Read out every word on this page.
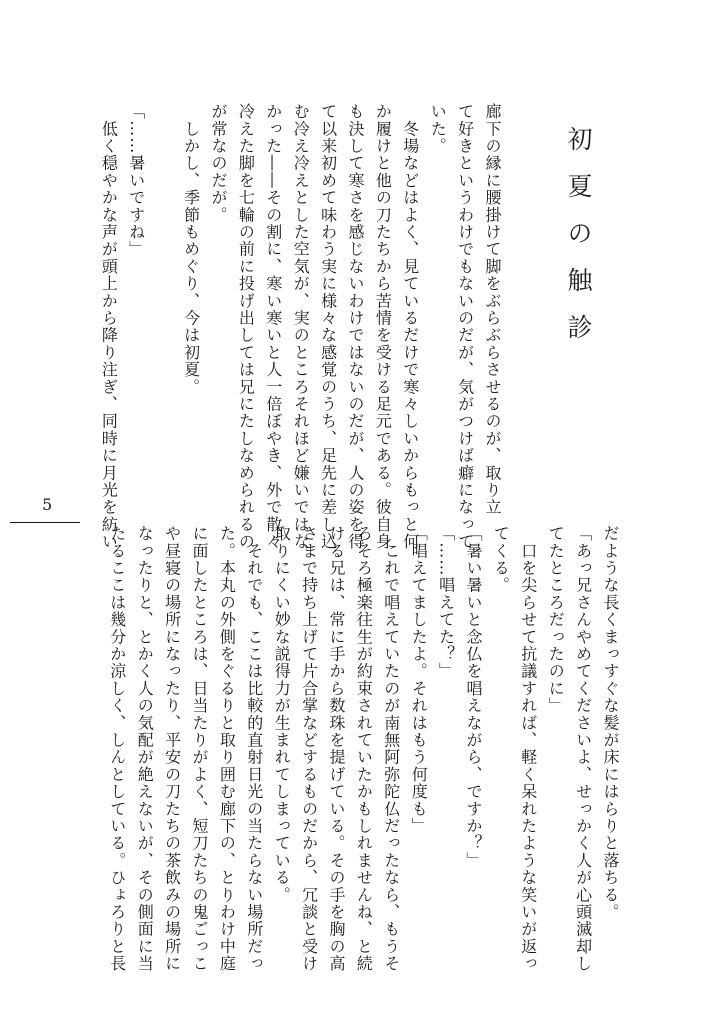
初夏の触診
廊下の縁に腰掛けて脚をぶらぶらさせるのが、取り立
て好きというわけでもないのだが、気がつけば癖になって
いた。
　冬場などはよく、見ているだけで寒々しいからもっと何
か履けと他の刀たちから苦情を受ける足元である。彼自身
も決して寒さを感じないわけではないのだが、人の姿を得
て以来初めて味わう実に様々な感覚のうち、足先に差し込
む冷え冷えとした空気が、実のところそれほど嫌いではな
かった――その割に、寒い寒いと人一倍ぼやき、外で散々
冷えた脚を七輪の前に投げ出しては兄にたしなめられるの
が常なのだが。
　しかし、季節もめぐり、今は初夏。
「……暑いですね」
　低く穏やかな声が頭上から降り注ぎ、同時に月光を紡い
だような長くまっすぐな髪が床にはらりと落ちる。
「あっ兄さんやめてくださいよ、せっかく人が心頭滅却し
てたところだったのに」
　口を尖らせて抗議すれば、軽く呆れたような笑いが返っ
てくる。
「暑い暑いと念仏を唱えながら、ですか？」
「……唱えてた？」
「唱えてましたよ。それはもう何度も」
　これで唱えていたのが南無阿弥陀仏だったなら、もうそ
ろそろ極楽往生が約束されていたかもしれませんね、と続
ける兄は、常に手から数珠を提げている。その手を胸の高
さまで持ち上げて片合掌などするものだから、冗談と受け
取りにくい妙な説得力が生まれてしまっている。
　それでも、ここは比較的直射日光の当たらない場所だっ
た。本丸の外側をぐるりと取り囲む廊下の、とりわけ中庭
に面したところは、日当たりがよく、短刀たちの鬼ごっこ
や昼寝の場所になったり、平安の刀たちの茶飲みの場所に
なったりと、とかく人の気配が絶えないが、その側面に当
たるここは幾分か涼しく、しんとしている。ひょろりと長
5
